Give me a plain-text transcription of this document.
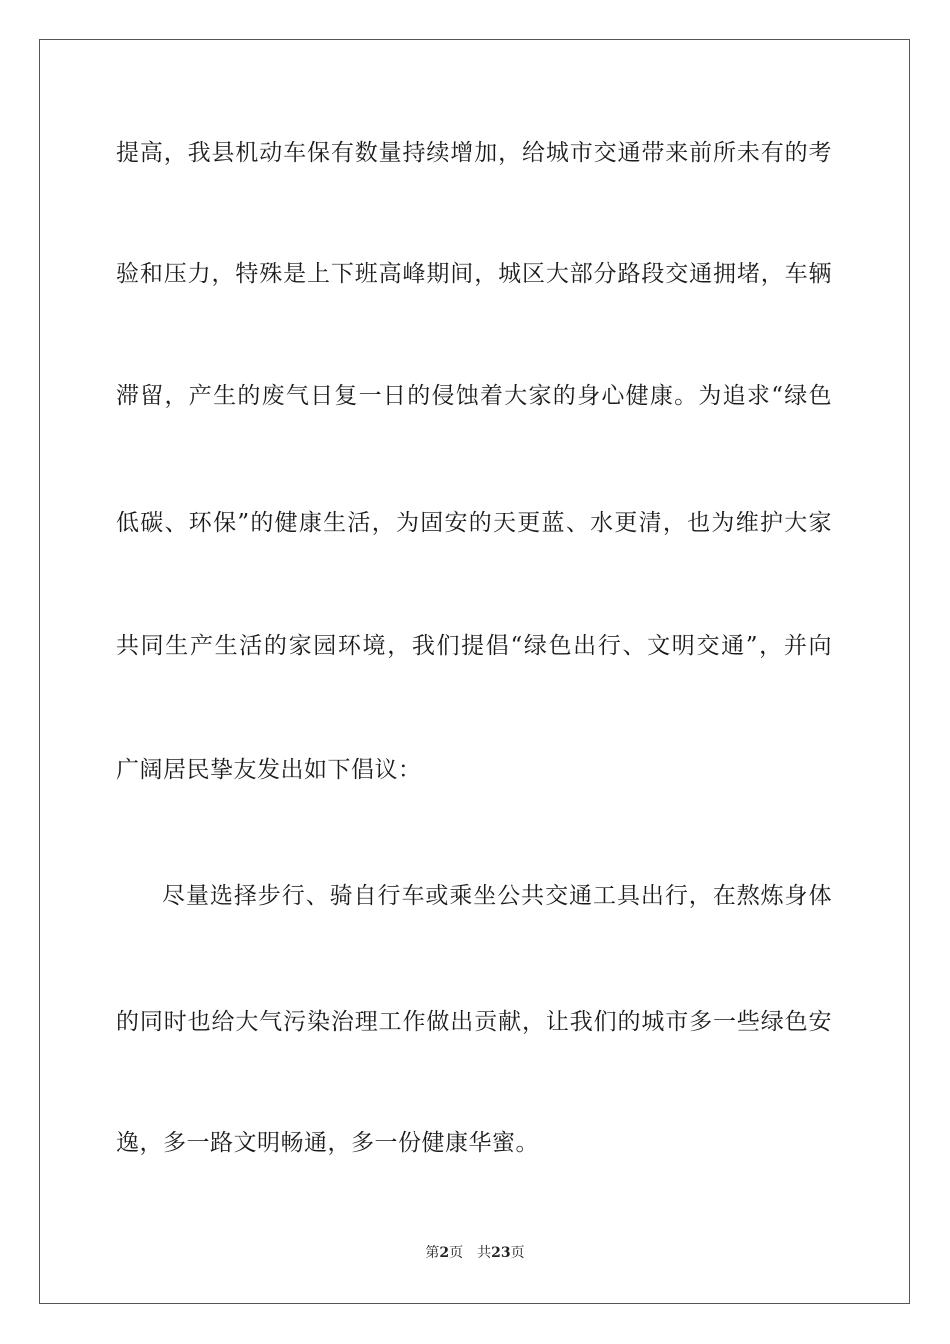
提高，我县机动车保有数量持续增加，给城市交通带来前所未有的考
验和压力，特殊是上下班高峰期间，城区大部分路段交通拥堵，车辆
滞留，产生的废气日复一日的侵蚀着大家的身心健康。为追求“绿色
低碳、环保”的健康生活，为固安的天更蓝、水更清，也为维护大家
共同生产生活的家园环境，我们提倡“绿色出行、文明交通”，并向
广阔居民挚友发出如下倡议：
尽量选择步行、骑自行车或乘坐公共交通工具出行，在熬炼身体
的同时也给大气污染治理工作做出贡献，让我们的城市多一些绿色安
逸，多一路文明畅通，多一份健康华蜜。
第2页 共23页
